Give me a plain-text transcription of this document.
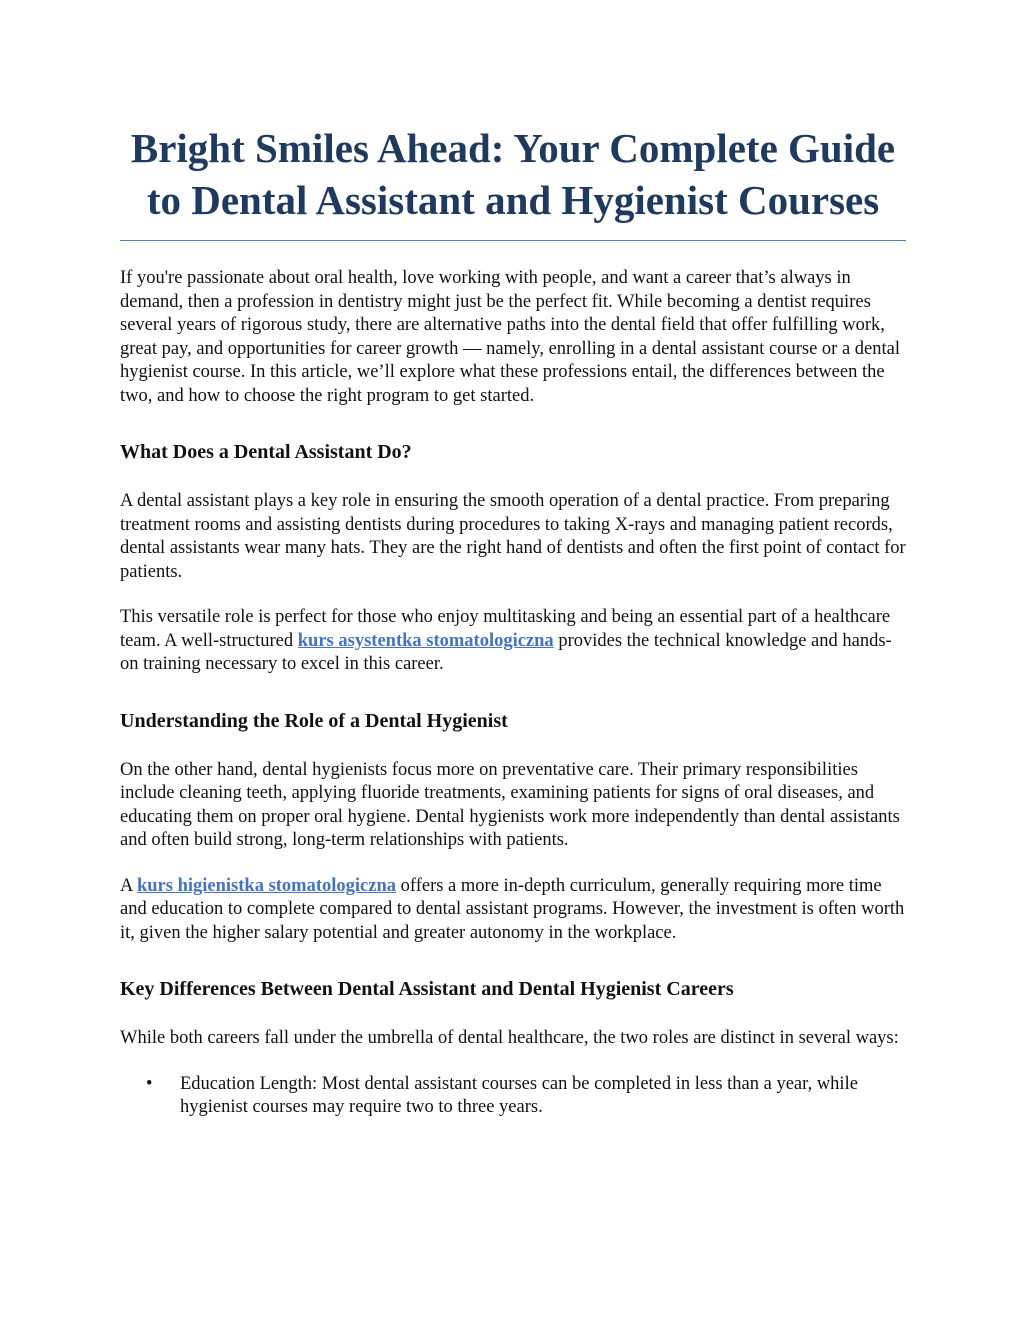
Bright Smiles Ahead: Your Complete Guide to Dental Assistant and Hygienist Courses

If you're passionate about oral health, love working with people, and want a career that’s always in demand, then a profession in dentistry might just be the perfect fit. While becoming a dentist requires several years of rigorous study, there are alternative paths into the dental field that offer fulfilling work, great pay, and opportunities for career growth — namely, enrolling in a dental assistant course or a dental hygienist course. In this article, we’ll explore what these professions entail, the differences between the two, and how to choose the right program to get started.

What Does a Dental Assistant Do?

A dental assistant plays a key role in ensuring the smooth operation of a dental practice. From preparing treatment rooms and assisting dentists during procedures to taking X-rays and managing patient records, dental assistants wear many hats. They are the right hand of dentists and often the first point of contact for patients.

This versatile role is perfect for those who enjoy multitasking and being an essential part of a healthcare team. A well-structured kurs asystentka stomatologiczna provides the technical knowledge and hands-on training necessary to excel in this career.

Understanding the Role of a Dental Hygienist

On the other hand, dental hygienists focus more on preventative care. Their primary responsibilities include cleaning teeth, applying fluoride treatments, examining patients for signs of oral diseases, and educating them on proper oral hygiene. Dental hygienists work more independently than dental assistants and often build strong, long-term relationships with patients.

A kurs higienistka stomatologiczna offers a more in-depth curriculum, generally requiring more time and education to complete compared to dental assistant programs. However, the investment is often worth it, given the higher salary potential and greater autonomy in the workplace.

Key Differences Between Dental Assistant and Dental Hygienist Careers

While both careers fall under the umbrella of dental healthcare, the two roles are distinct in several ways:

• Education Length: Most dental assistant courses can be completed in less than a year, while hygienist courses may require two to three years.
